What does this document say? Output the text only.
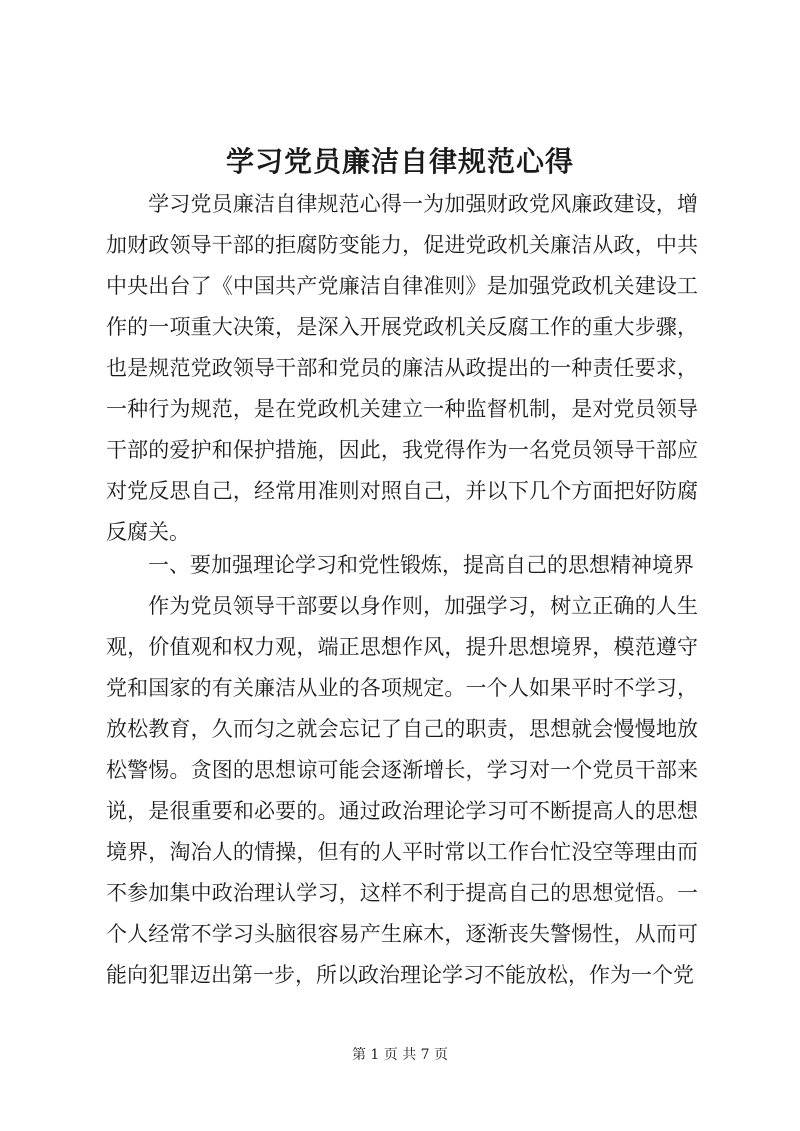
学习党员廉洁自律规范心得
学习党员廉洁自律规范心得一为加强财政党风廉政建设，增加财政领导干部的拒腐防变能力，促进党政机关廉洁从政，中共中央出台了《中国共产党廉洁自律准则》是加强党政机关建设工作的一项重大决策，是深入开展党政机关反腐工作的重大步骤，也是规范党政领导干部和党员的廉洁从政提出的一种责任要求，一种行为规范，是在党政机关建立一种监督机制，是对党员领导干部的爱护和保护措施，因此，我党得作为一名党员领导干部应对党反思自己，经常用准则对照自己，并以下几个方面把好防腐反腐关。
一、要加强理论学习和党性锻炼，提高自己的思想精神境界
作为党员领导干部要以身作则，加强学习，树立正确的人生观，价值观和权力观，端正思想作风，提升思想境界，模范遵守党和国家的有关廉洁从业的各项规定。一个人如果平时不学习，放松教育，久而匀之就会忘记了自己的职责，思想就会慢慢地放松警惕。贪图的思想谅可能会逐渐增长，学习对一个党员干部来说，是很重要和必要的。通过政治理论学习可不断提高人的思想境界，淘冶人的情操，但有的人平时常以工作台忙没空等理由而不参加集中政治理认学习，这样不利于提高自己的思想觉悟。一个人经常不学习头脑很容易产生麻木，逐渐丧失警惕性，从而可能向犯罪迈出第一步，所以政治理论学习不能放松，作为一个党
第 1 页 共 7 页
